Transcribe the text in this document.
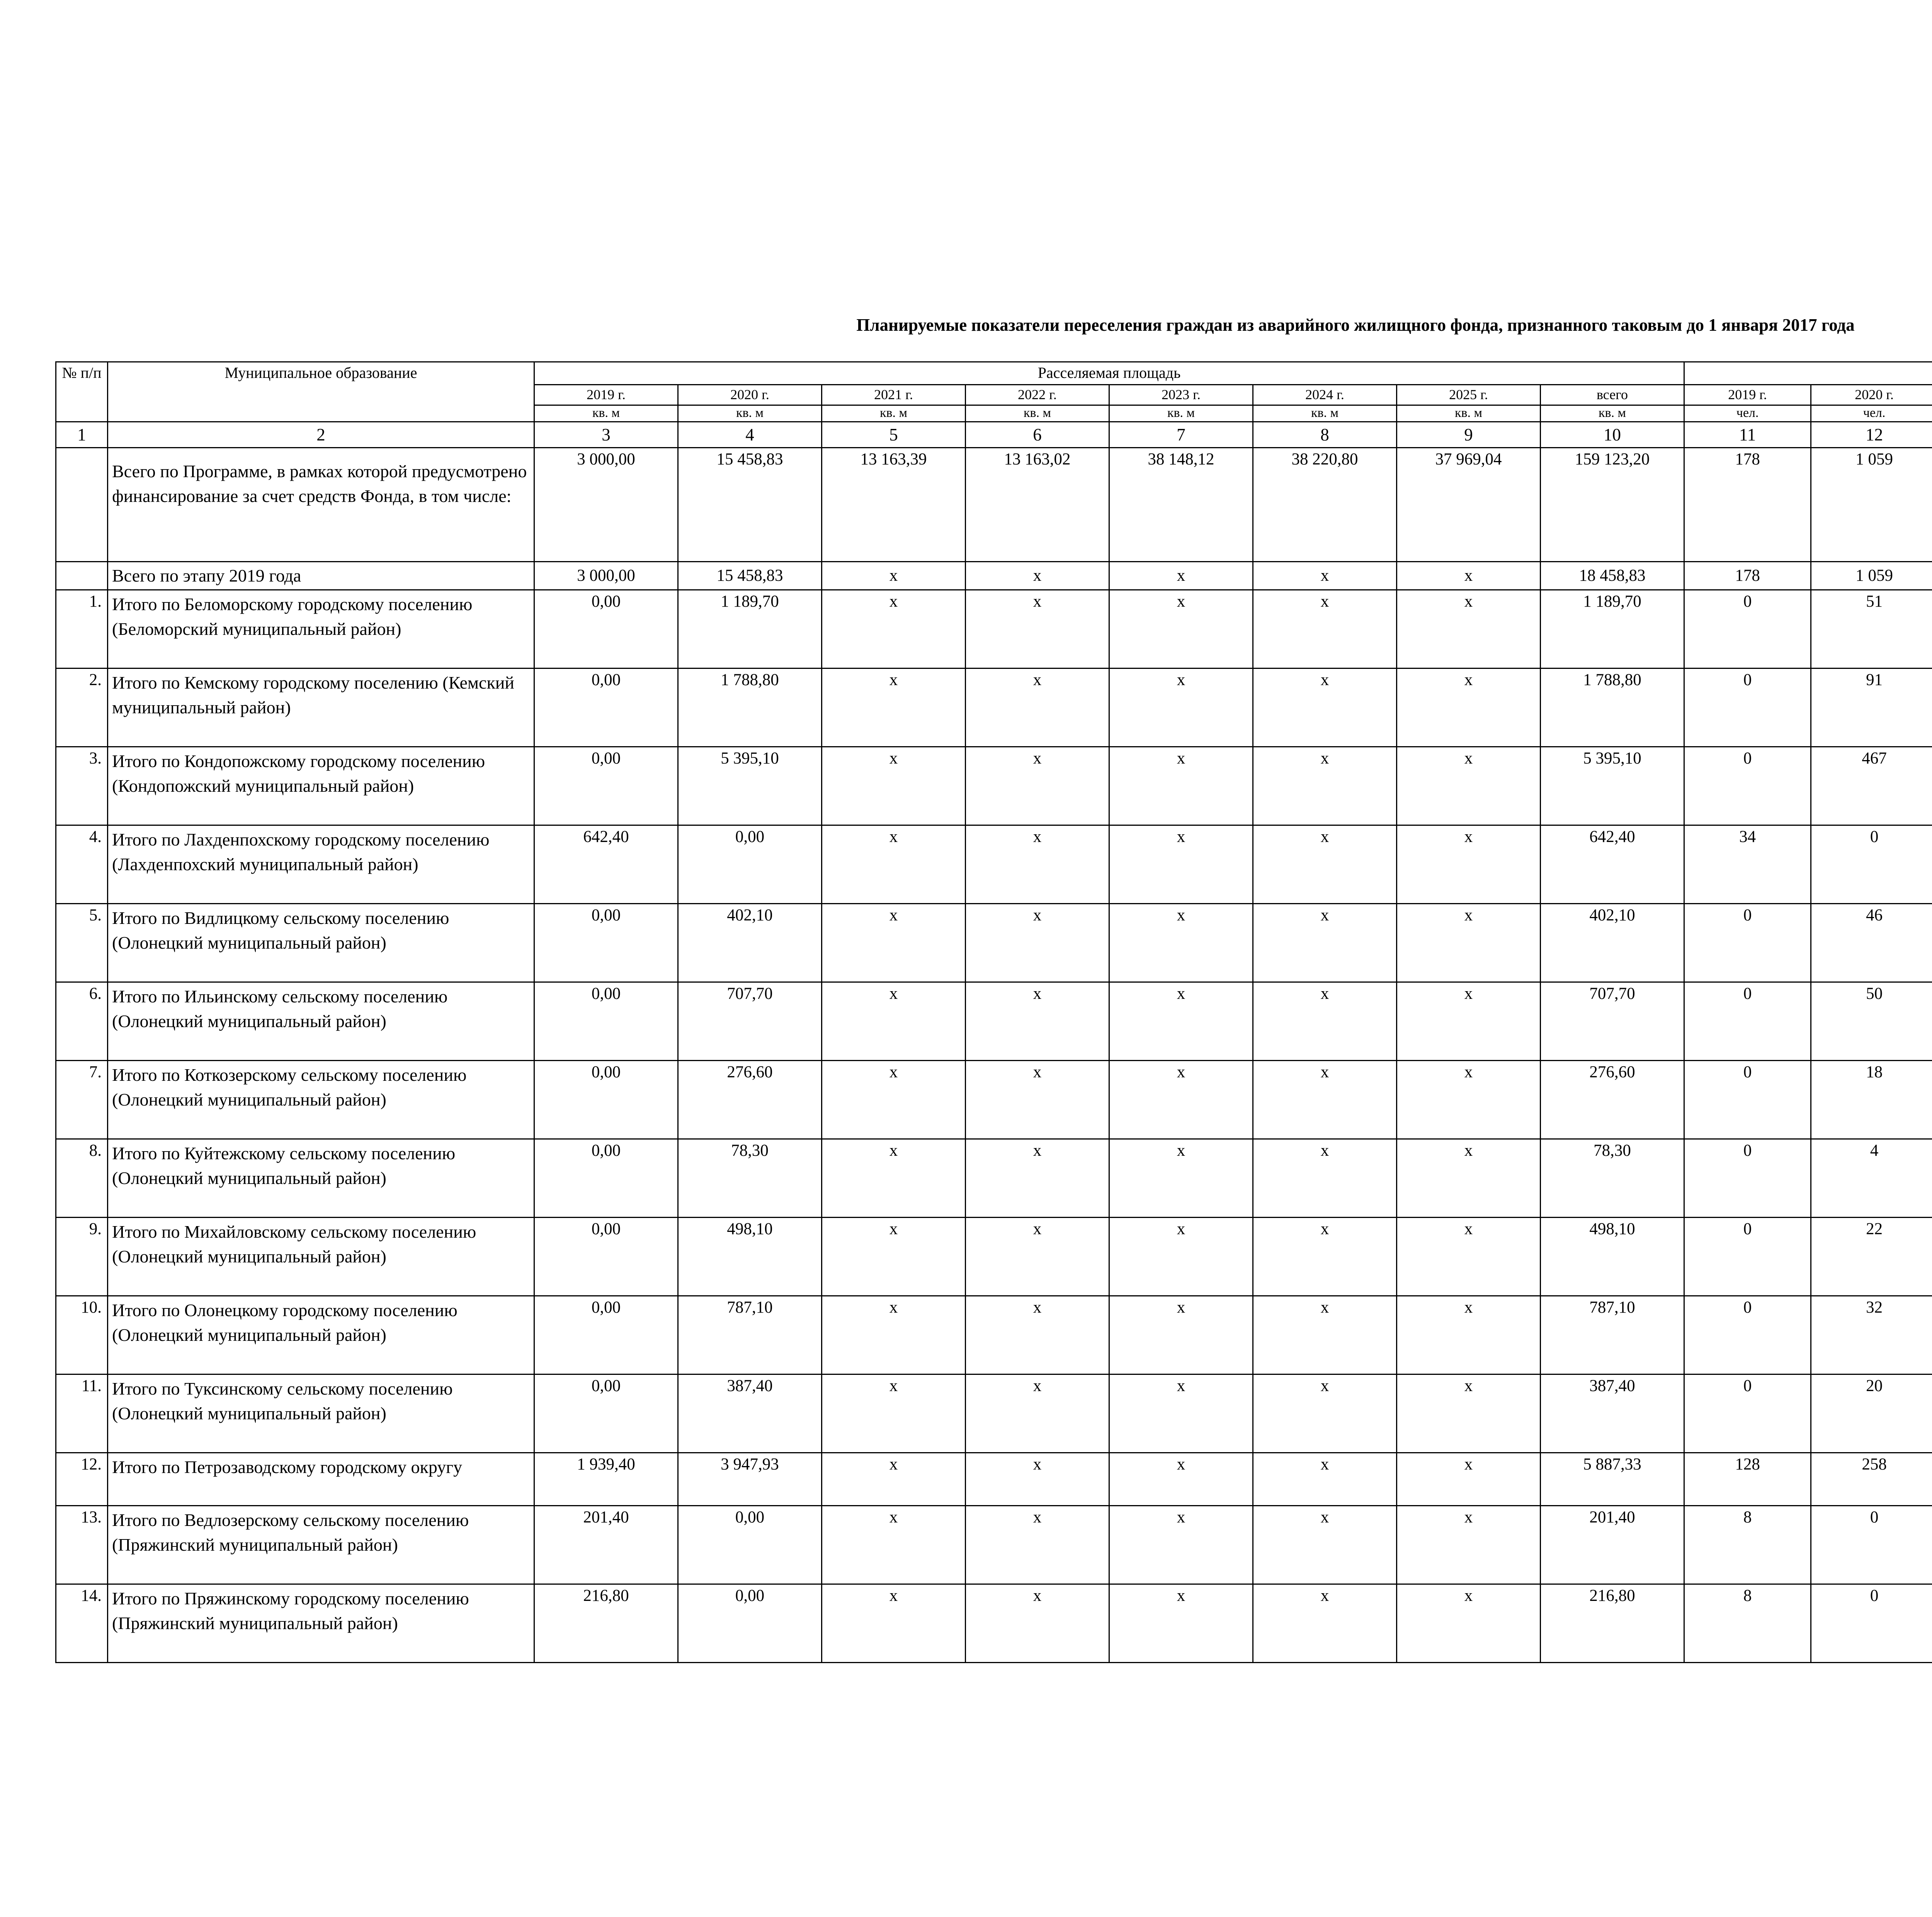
Планируемые показатели переселения граждан из аварийного жилищного фонда, признанного таковым до 1 января 2017 года
№ п/п	Муниципальное образование	Расселяемая площадь	
		2019 г.	2020 г.	2021 г.	2022 г.	2023 г.	2024 г.	2025 г.	всего	2019 г.	2020 г.						
		кв. м	кв. м	кв. м	кв. м	кв. м	кв. м	кв. м	кв. м	чел.	чел.						
1	2	3	4	5	6	7	8	9	10	11	12						
	Всего по Программе, в рамках которой предусмотрено финансирование за счет средств Фонда, в том числе:	3 000,00	15 458,83	13 163,39	13 163,02	38 148,12	38 220,80	37 969,04	159 123,20	178	1 059						
	Всего по этапу 2019 года	3 000,00	15 458,83	x	x	x	x	x	18 458,83	178	1 059						
1.	Итого по Беломорскому городскому поселению (Беломорский муниципальный район)	0,00	1 189,70	x	x	x	x	x	1 189,70	0	51						
2.	Итого по Кемскому городскому поселению (Кемский муниципальный район)	0,00	1 788,80	x	x	x	x	x	1 788,80	0	91						
3.	Итого по Кондопожскому городскому поселению (Кондопожский муниципальный район)	0,00	5 395,10	x	x	x	x	x	5 395,10	0	467						
4.	Итого по Лахденпохскому городскому поселению (Лахденпохский муниципальный район)	642,40	0,00	x	x	x	x	x	642,40	34	0						
5.	Итого по Видлицкому сельскому поселению (Олонецкий муниципальный район)	0,00	402,10	x	x	x	x	x	402,10	0	46						
6.	Итого по Ильинскому сельскому поселению (Олонецкий муниципальный район)	0,00	707,70	x	x	x	x	x	707,70	0	50						
7.	Итого по Коткозерскому сельскому поселению (Олонецкий муниципальный район)	0,00	276,60	x	x	x	x	x	276,60	0	18						
8.	Итого по Куйтежскому сельскому поселению (Олонецкий муниципальный район)	0,00	78,30	x	x	x	x	x	78,30	0	4						
9.	Итого по Михайловскому сельскому поселению (Олонецкий муниципальный район)	0,00	498,10	x	x	x	x	x	498,10	0	22						
10.	Итого по Олонецкому городскому поселению (Олонецкий муниципальный район)	0,00	787,10	x	x	x	x	x	787,10	0	32						
11.	Итого по Туксинскому сельскому поселению (Олонецкий муниципальный район)	0,00	387,40	x	x	x	x	x	387,40	0	20						
12.	Итого по Петрозаводскому городскому округу	1 939,40	3 947,93	x	x	x	x	x	5 887,33	128	258						
13.	Итого по Ведлозерскому сельскому поселению (Пряжинский муниципальный район)	201,40	0,00	x	x	x	x	x	201,40	8	0						
14.	Итого по Пряжинскому городскому поселению (Пряжинский муниципальный район)	216,80	0,00	x	x	x	x	x	216,80	8	0						
